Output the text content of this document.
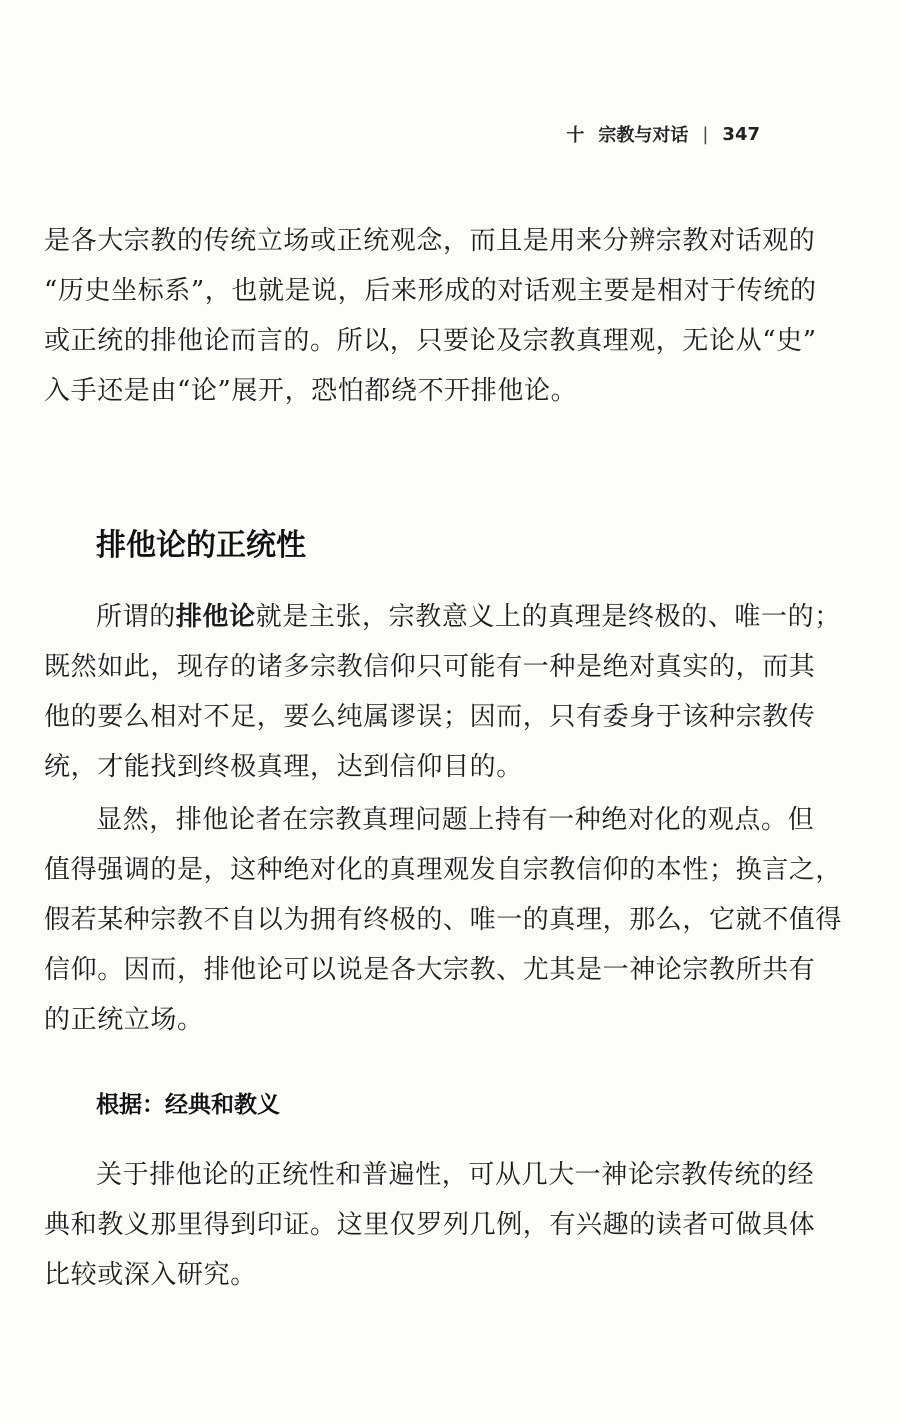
十 宗教与对话 | 347
是各大宗教的传统立场或正统观念，而且是用来分辨宗教对话观的
“历史坐标系”，也就是说，后来形成的对话观主要是相对于传统的
或正统的排他论而言的。所以，只要论及宗教真理观，无论从“史”
入手还是由“论”展开，恐怕都绕不开排他论。
排他论的正统性
所谓的排他论就是主张，宗教意义上的真理是终极的、唯一的；
既然如此，现存的诸多宗教信仰只可能有一种是绝对真实的，而其
他的要么相对不足，要么纯属谬误；因而，只有委身于该种宗教传
统，才能找到终极真理，达到信仰目的。
显然，排他论者在宗教真理问题上持有一种绝对化的观点。但
值得强调的是，这种绝对化的真理观发自宗教信仰的本性；换言之，
假若某种宗教不自以为拥有终极的、唯一的真理，那么，它就不值得
信仰。因而，排他论可以说是各大宗教、尤其是一神论宗教所共有
的正统立场。
根据：经典和教义
关于排他论的正统性和普遍性，可从几大一神论宗教传统的经
典和教义那里得到印证。这里仅罗列几例，有兴趣的读者可做具体
比较或深入研究。
